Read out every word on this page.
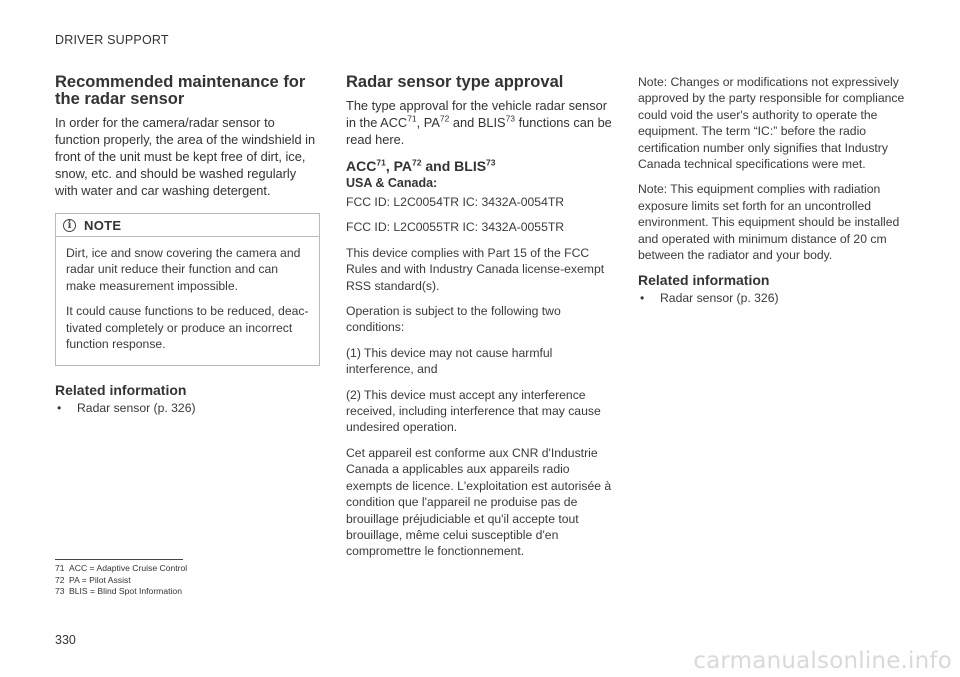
DRIVER SUPPORT
Recommended maintenance for the radar sensor

In order for the camera/radar sensor to function properly, the area of the windshield in front of the unit must be kept free of dirt, ice, snow, etc. and should be washed regularly with water and car washing detergent.

i NOTE

Dirt, ice and snow covering the camera and radar unit reduce their function and can make measurement impossible.

It could cause functions to be reduced, deac-tivated completely or produce an incorrect function response.

Related information
•	Radar sensor (p. 326)
Radar sensor type approval

The type approval for the vehicle radar sensor in the ACC$^{71}$, PA$^{72}$ and BLIS$^{73}$ functions can be read here.

ACC$^{71}$, PA$^{72}$ and BLIS$^{73}$
USA & Canada:

FCC ID: L2C0054TR IC: 3432A-0054TR

FCC ID: L2C0055TR IC: 3432A-0055TR

This device complies with Part 15 of the FCC Rules and with Industry Canada license-exempt RSS standard(s).

Operation is subject to the following two conditions:

(1) This device may not cause harmful interference, and

(2) This device must accept any interference received, including interference that may cause undesired operation.

Cet appareil est conforme aux CNR d'Industrie Canada a applicables aux appareils radio exempts de licence. L'exploitation est autorisée à condition que l'appareil ne produise pas de brouillage préjudiciable et qu'il accepte tout brouillage, même celui susceptible d'en compromettre le fonctionnement.

Note: Changes or modifications not expressively approved by the party responsible for compliance could void the user's authority to operate the equipment. The term “IC:” before the radio certification number only signifies that Industry Canada technical specifications were met.

Note: This equipment complies with radiation exposure limits set forth for an uncontrolled environment. This equipment should be installed and operated with minimum distance of 20 cm between the radiator and your body.

Related information
•	Radar sensor (p. 326)
71 ACC = Adaptive Cruise Control
72 PA = Pilot Assist
73 BLIS = Blind Spot Information
330
carmanualsonline.info
